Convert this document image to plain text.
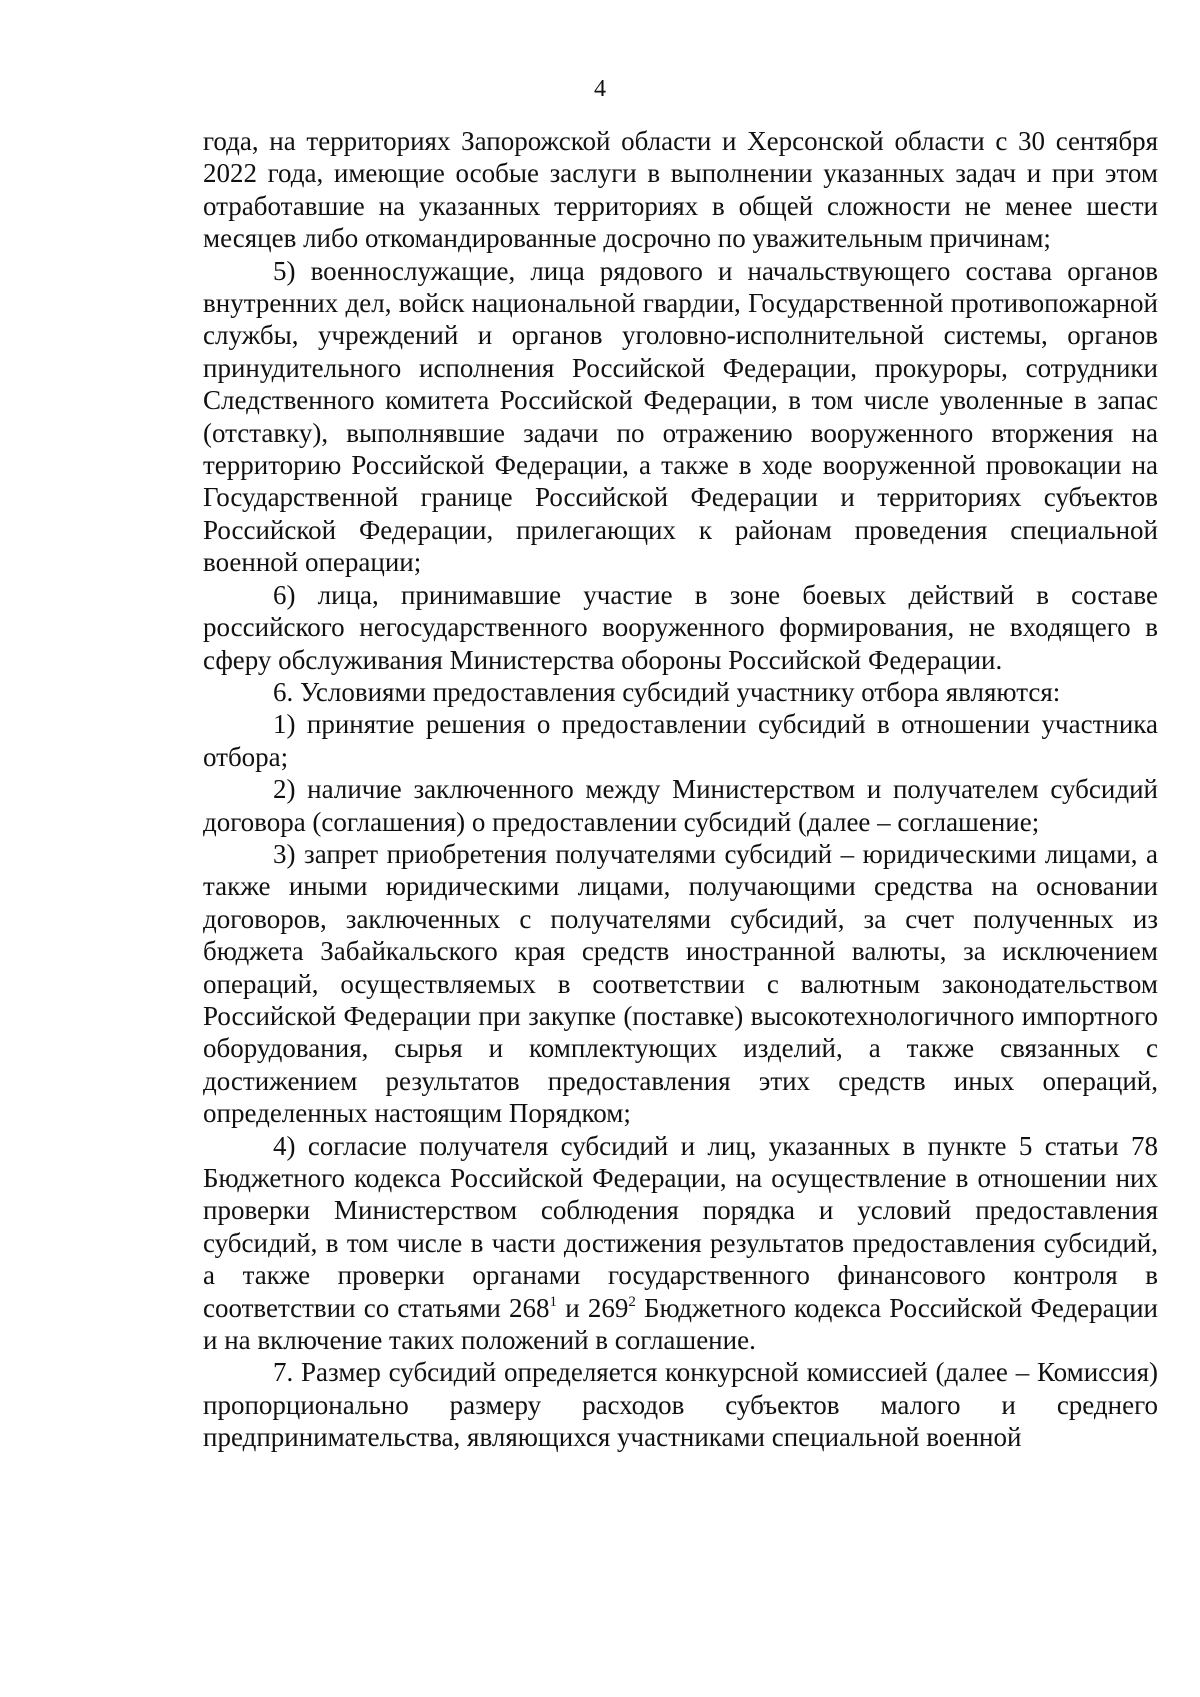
4

года, на территориях Запорожской области и Херсонской области с 30 сентября 2022 года, имеющие особые заслуги в выполнении указанных задач и при этом отработавшие на указанных территориях в общей сложности не менее шести месяцев либо откомандированные досрочно по уважительным причинам;

5) военнослужащие, лица рядового и начальствующего состава органов внутренних дел, войск национальной гвардии, Государственной противопожарной службы, учреждений и органов уголовно-исполнительной системы, органов принудительного исполнения Российской Федерации, прокуроры, сотрудники Следственного комитета Российской Федерации, в том числе уволенные в запас (отставку), выполнявшие задачи по отражению вооруженного вторжения на территорию Российской Федерации, а также в ходе вооруженной провокации на Государственной границе Российской Федерации и территориях субъектов Российской Федерации, прилегающих к районам проведения специальной военной операции;

6) лица, принимавшие участие в зоне боевых действий в составе российского негосударственного вооруженного формирования, не входящего в сферу обслуживания Министерства обороны Российской Федерации.

6. Условиями предоставления субсидий участнику отбора являются:

1) принятие решения о предоставлении субсидий в отношении участника отбора;

2) наличие заключенного между Министерством и получателем субсидий договора (соглашения) о предоставлении субсидий (далее – соглашение;

3) запрет приобретения получателями субсидий – юридическими лицами, а также иными юридическими лицами, получающими средства на основании договоров, заключенных с получателями субсидий, за счет полученных из бюджета Забайкальского края средств иностранной валюты, за исключением операций, осуществляемых в соответствии с валютным законодательством Российской Федерации при закупке (поставке) высокотехнологичного импортного оборудования, сырья и комплектующих изделий, а также связанных с достижением результатов предоставления этих средств иных операций, определенных настоящим Порядком;

4) согласие получателя субсидий и лиц, указанных в пункте 5 статьи 78 Бюджетного кодекса Российской Федерации, на осуществление в отношении них проверки Министерством соблюдения порядка и условий предоставления субсидий, в том числе в части достижения результатов предоставления субсидий, а также проверки органами государственного финансового контроля в соответствии со статьями $268^1$ и $269^2$ Бюджетного кодекса Российской Федерации и на включение таких положений в соглашение.

7. Размер субсидий определяется конкурсной комиссией (далее – Комиссия) пропорционально размеру расходов субъектов малого и среднего предпринимательства, являющихся участниками специальной военной
